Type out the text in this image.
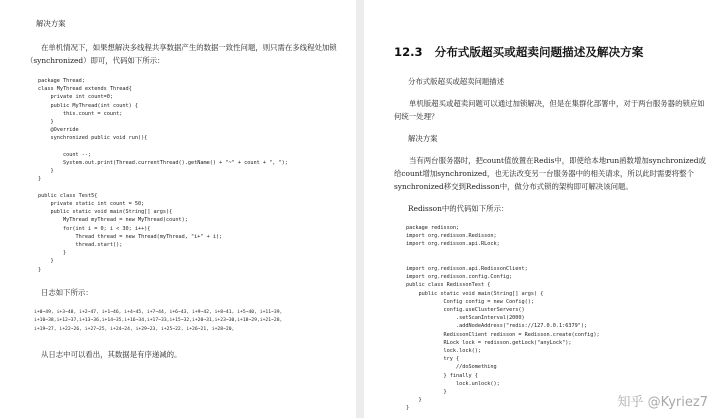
解决方案

在单机情况下，如果想解决多线程共享数据产生的数据一致性问题，则只需在多线程处加锁（synchronized）即可，代码如下所示：

package Thread;
class MyThread extends Thread{
private int count=0;
public MyThread(int count) {
this.count = count;
}
@Override
synchronized public void run(){

count --;
System.out.print(Thread.currentThread().getName() + "~" + count + ", ");
}
}

public class Test5{
private static int count = 50;
public static void main(String[] args){
MyThread myThread = new MyThread(count);
for(int i = 0; i < 30; i++){
Thread thread = new Thread(myThread, "i+" + i);
thread.start();
}
}
}

日志如下所示：

i+0~49, i+3~48, i+2~47, i+1~46, i+4~45, i+7~44, i+6~43, i+9~42, i+8~41, i+5~40, i+11~39,
i+10~38,i+12~37,i+13~36,i+14~35,i+16~34,i+17~33,i+15~32,i+20~31,i+23~30,i+18~29,i+21~28,
i+19~27, i+22~26, i+27~25, i+24~24, i+29~23, i+25~22, i+26~21, i+28~20,

从日志中可以看出，其数据是有序递减的。

12.3 分布式版超买或超卖问题描述及解决方案
分布式版超买或超卖问题描述

单机版超买或超卖问题可以通过加锁解决，但是在集群化部署中，对于两台服务器的锁应如何统一处理？

解决方案

当有两台服务器时，把count值放置在Redis中，即使给本地run函数增加synchronized或给count增加synchronized，也无法改变另一台服务器中的相关请求，所以此时需要将整个synchronized移交到Redisson中，做分布式锁的架构即可解决该问题。

Redisson中的代码如下所示：
package redisson;
import org.redisson.Redisson;
import org.redisson.api.RLock;

import org.redisson.api.RedissonClient;
import org.redisson.config.Config;
public class RedissonTest {
public static void main(String[] args) {
Config config = new Config();
config.useClusterServers()
.setScanInterval(2000)
.addNodeAddress("redis://127.0.0.1:6379");
RedissonClient redisson = Redisson.create(config);
RLock lock = redisson.getLock("anyLock");
lock.lock();
try {
//doSomething
} finally {
lock.unlock();
}
}
}	知乎 @Kyriez7
